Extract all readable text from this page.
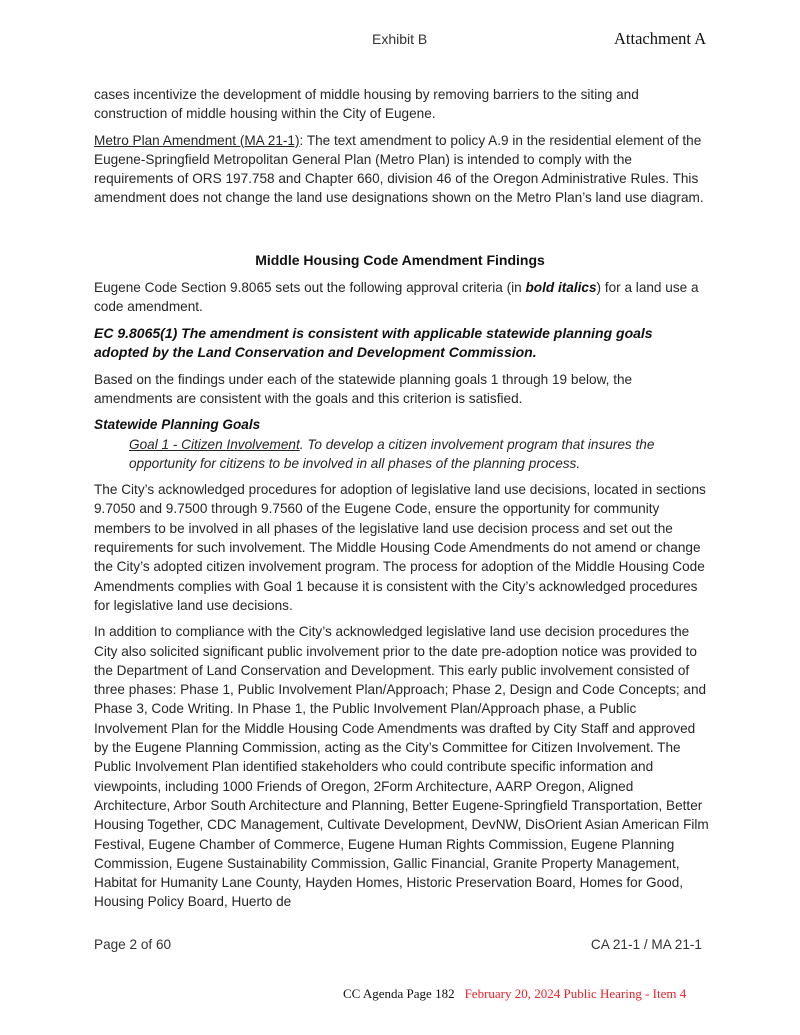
Exhibit B	Attachment A

cases incentivize the development of middle housing by removing barriers to the siting and construction of middle housing within the City of Eugene.

Metro Plan Amendment (MA 21-1): The text amendment to policy A.9 in the residential element of the Eugene-Springfield Metropolitan General Plan (Metro Plan) is intended to comply with the requirements of ORS 197.758 and Chapter 660, division 46 of the Oregon Administrative Rules. This amendment does not change the land use designations shown on the Metro Plan’s land use diagram.

Middle Housing Code Amendment Findings

Eugene Code Section 9.8065 sets out the following approval criteria (in bold italics) for a land use a code amendment.

EC 9.8065(1) The amendment is consistent with applicable statewide planning goals adopted by the Land Conservation and Development Commission.

Based on the findings under each of the statewide planning goals 1 through 19 below, the amendments are consistent with the goals and this criterion is satisfied.

Statewide Planning Goals

Goal 1 - Citizen Involvement. To develop a citizen involvement program that insures the opportunity for citizens to be involved in all phases of the planning process.

The City’s acknowledged procedures for adoption of legislative land use decisions, located in sections 9.7050 and 9.7500 through 9.7560 of the Eugene Code, ensure the opportunity for community members to be involved in all phases of the legislative land use decision process and set out the requirements for such involvement. The Middle Housing Code Amendments do not amend or change the City’s adopted citizen involvement program. The process for adoption of the Middle Housing Code Amendments complies with Goal 1 because it is consistent with the City’s acknowledged procedures for legislative land use decisions.

In addition to compliance with the City’s acknowledged legislative land use decision procedures the City also solicited significant public involvement prior to the date pre-adoption notice was provided to the Department of Land Conservation and Development. This early public involvement consisted of three phases: Phase 1, Public Involvement Plan/Approach; Phase 2, Design and Code Concepts; and Phase 3, Code Writing. In Phase 1, the Public Involvement Plan/Approach phase, a Public Involvement Plan for the Middle Housing Code Amendments was drafted by City Staff and approved by the Eugene Planning Commission, acting as the City’s Committee for Citizen Involvement. The Public Involvement Plan identified stakeholders who could contribute specific information and viewpoints, including 1000 Friends of Oregon, 2Form Architecture, AARP Oregon, Aligned Architecture, Arbor South Architecture and Planning, Better Eugene-Springfield Transportation, Better Housing Together, CDC Management, Cultivate Development, DevNW, DisOrient Asian American Film Festival, Eugene Chamber of Commerce, Eugene Human Rights Commission, Eugene Planning Commission, Eugene Sustainability Commission, Gallic Financial, Granite Property Management, Habitat for Humanity Lane County, Hayden Homes, Historic Preservation Board, Homes for Good, Housing Policy Board, Huerto de

Page 2 of 60	CA 21-1 / MA 21-1
CC Agenda Page 182 February 20, 2024 Public Hearing - Item 4
